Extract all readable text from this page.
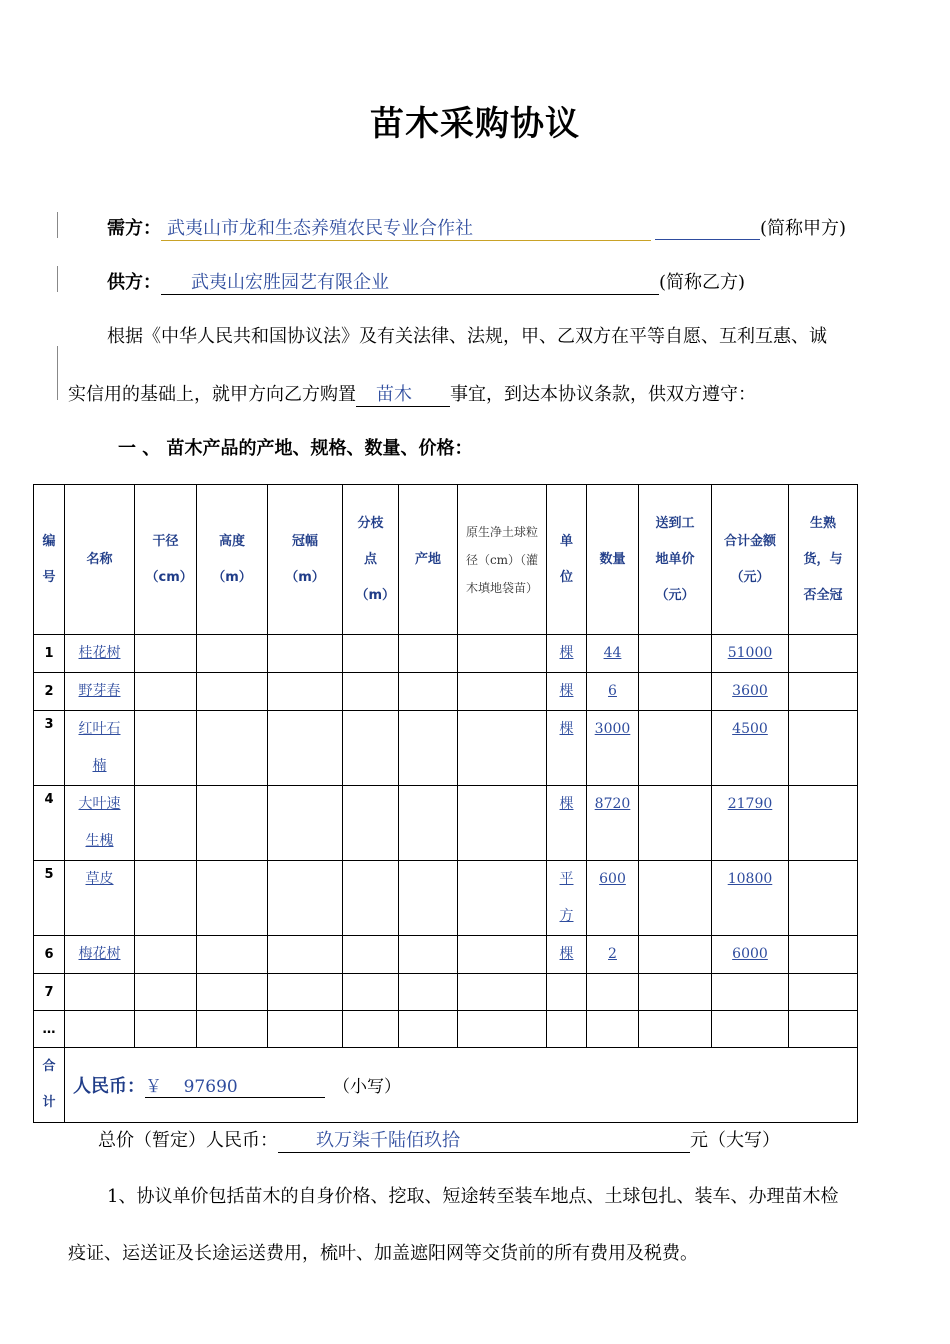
苗木采购协议
需方： 武夷山市龙和生态养殖农民专业合作社	(简称甲方)
供方： 武夷山宏胜园艺有限企业	(简称乙方)
根据《中华人民共和国协议法》及有关法律、法规，甲、乙双方在平等自愿、互利互惠、诚
实信用的基础上，就甲方向乙方购置 苗木 事宜，到达本协议条款，供双方遵守：
一 、 苗木产品的产地、规格、数量、价格：
编号	名称	干径（cm）	高度（m）	冠幅（m）	分枝点（m）	产地	原生净土球粒径（cm）（灌木填地袋苗）	单位	数量	送到工地单价（元）	合计金额（元）	生熟货，与否全冠

1	桂花树							棵	44		51000	
2	野芽春							棵	6		3600	
3	红叶石楠							棵	3000		4500	
4	大叶速生槐							棵	8720		21790	
5	草皮							平方	600		10800	
6	梅花树							棵	2		6000	
7												
…												

合计	人民币：￥    97690 （小写）											
总价（暂定）人民币： 玖万柒千陆佰玖拾	元（大写）
1、协议单价包括苗木的自身价格、挖取、短途转至装车地点、土球包扎、装车、办理苗木检
疫证、运送证及长途运送费用，梳叶、加盖遮阳网等交货前的所有费用及税费。
